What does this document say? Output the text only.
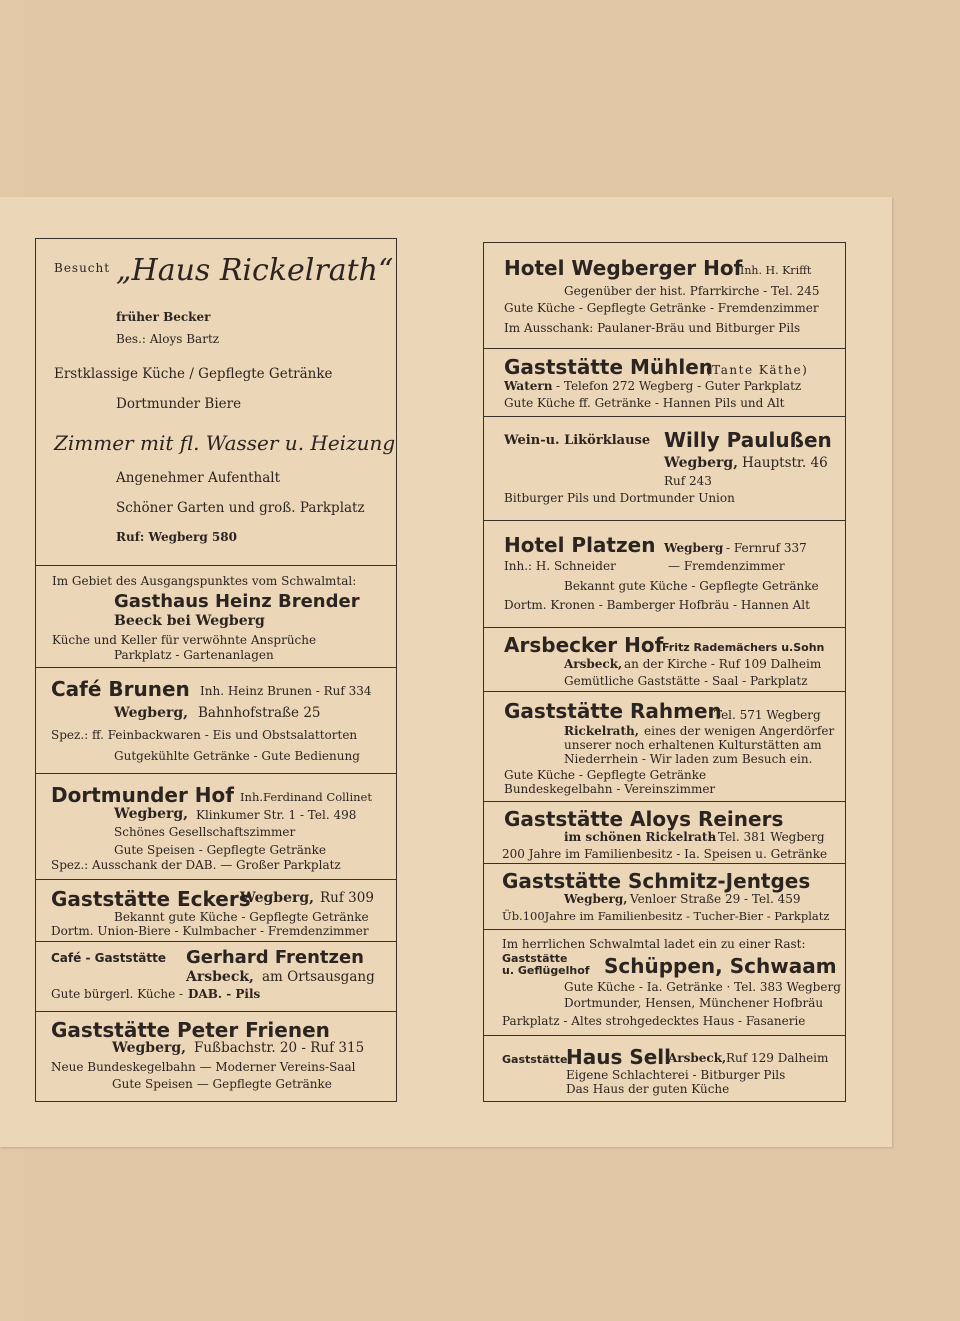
Besucht „Haus Rickelrath“
früher Becker
Bes.: Aloys Bartz
Erstklassige Küche / Gepflegte Getränke
Dortmunder Biere
Zimmer mit fl. Wasser u. Heizung
Angenehmer Aufenthalt
Schöner Garten und groß. Parkplatz
Ruf: Wegberg 580
Im Gebiet des Ausgangspunktes vom Schwalmtal:
Gasthaus Heinz Brender
Beeck bei Wegberg
Küche und Keller für verwöhnte Ansprüche
Parkplatz - Gartenanlagen
Café Brunen Inh. Heinz Brunen - Ruf 334
Wegberg, Bahnhofstraße 25
Spez.: ff. Feinbackwaren - Eis und Obstsalattorten
Gutgekühlte Getränke - Gute Bedienung
Dortmunder Hof Inh.Ferdinand Collinet
Wegberg, Klinkumer Str. 1 - Tel. 498
Schönes Gesellschaftszimmer
Gute Speisen - Gepflegte Getränke
Spez.: Ausschank der DAB. — Großer Parkplatz
Gaststätte Eckers
Wegberg, Ruf 309
Bekannt gute Küche - Gepflegte Getränke
Dortm. Union-Biere - Kulmbacher - Fremdenzimmer
Café - Gaststätte Gerhard Frentzen
Arsbeck, am Ortsausgang
Gute bürgerl. Küche - DAB. - Pils
Gaststätte Peter Frienen
Wegberg, Fußbachstr. 20 - Ruf 315
Neue Bundeskegelbahn — Moderner Vereins-Saal
Gute Speisen — Gepflegte Getränke
Hotel Wegberger Hof
Inh. H. Krifft
Gegenüber der hist. Pfarrkirche - Tel. 245
Gute Küche - Gepflegte Getränke - Fremdenzimmer
Im Ausschank: Paulaner-Bräu und Bitburger Pils
Gaststätte Mühlen
(Tante Käthe)
Watern - Telefon 272 Wegberg - Guter Parkplatz
Gute Küche ff. Getränke - Hannen Pils und Alt
Wein-u. Likörklause Willy Paulußen
Wegberg, Hauptstr. 46
Ruf 243
Bitburger Pils und Dortmunder Union
Hotel Platzen Wegberg - Fernruf 337
Inh.: H. Schneider	— Fremdenzimmer
Bekannt gute Küche - Gepflegte Getränke
Dortm. Kronen - Bamberger Hofbräu - Hannen Alt
Arsbecker Hof
Fritz Rademächers u.Sohn
Arsbeck, an der Kirche - Ruf 109 Dalheim
Gemütliche Gaststätte - Saal - Parkplatz
Gaststätte Rahmen
Tel. 571 Wegberg
Rickelrath, eines der wenigen Angerdörfer
unserer noch erhaltenen Kulturstätten am
Niederrhein - Wir laden zum Besuch ein.
Gute Küche - Gepflegte Getränke
Bundeskegelbahn - Vereinszimmer
Gaststätte Aloys Reiners
im schönen Rickelrath
- Tel. 381 Wegberg
200 Jahre im Familienbesitz - Ia. Speisen u. Getränke
Gaststätte Schmitz-Jentges
Wegberg, Venloer Straße 29 - Tel. 459
Üb.100Jahre im Familienbesitz - Tucher-Bier - Parkplatz
Im herrlichen Schwalmtal ladet ein zu einer Rast:
Gaststätte
u. Geflügelhof Schüppen, Schwaam
Gute Küche - Ia. Getränke · Tel. 383 Wegberg
Dortmunder, Hensen, Münchener Hofbräu
Parkplatz - Altes strohgedecktes Haus - Fasanerie
Gaststätte
Haus Sell
Arsbeck, Ruf 129 Dalheim
Eigene Schlachterei - Bitburger Pils
Das Haus der guten Küche
